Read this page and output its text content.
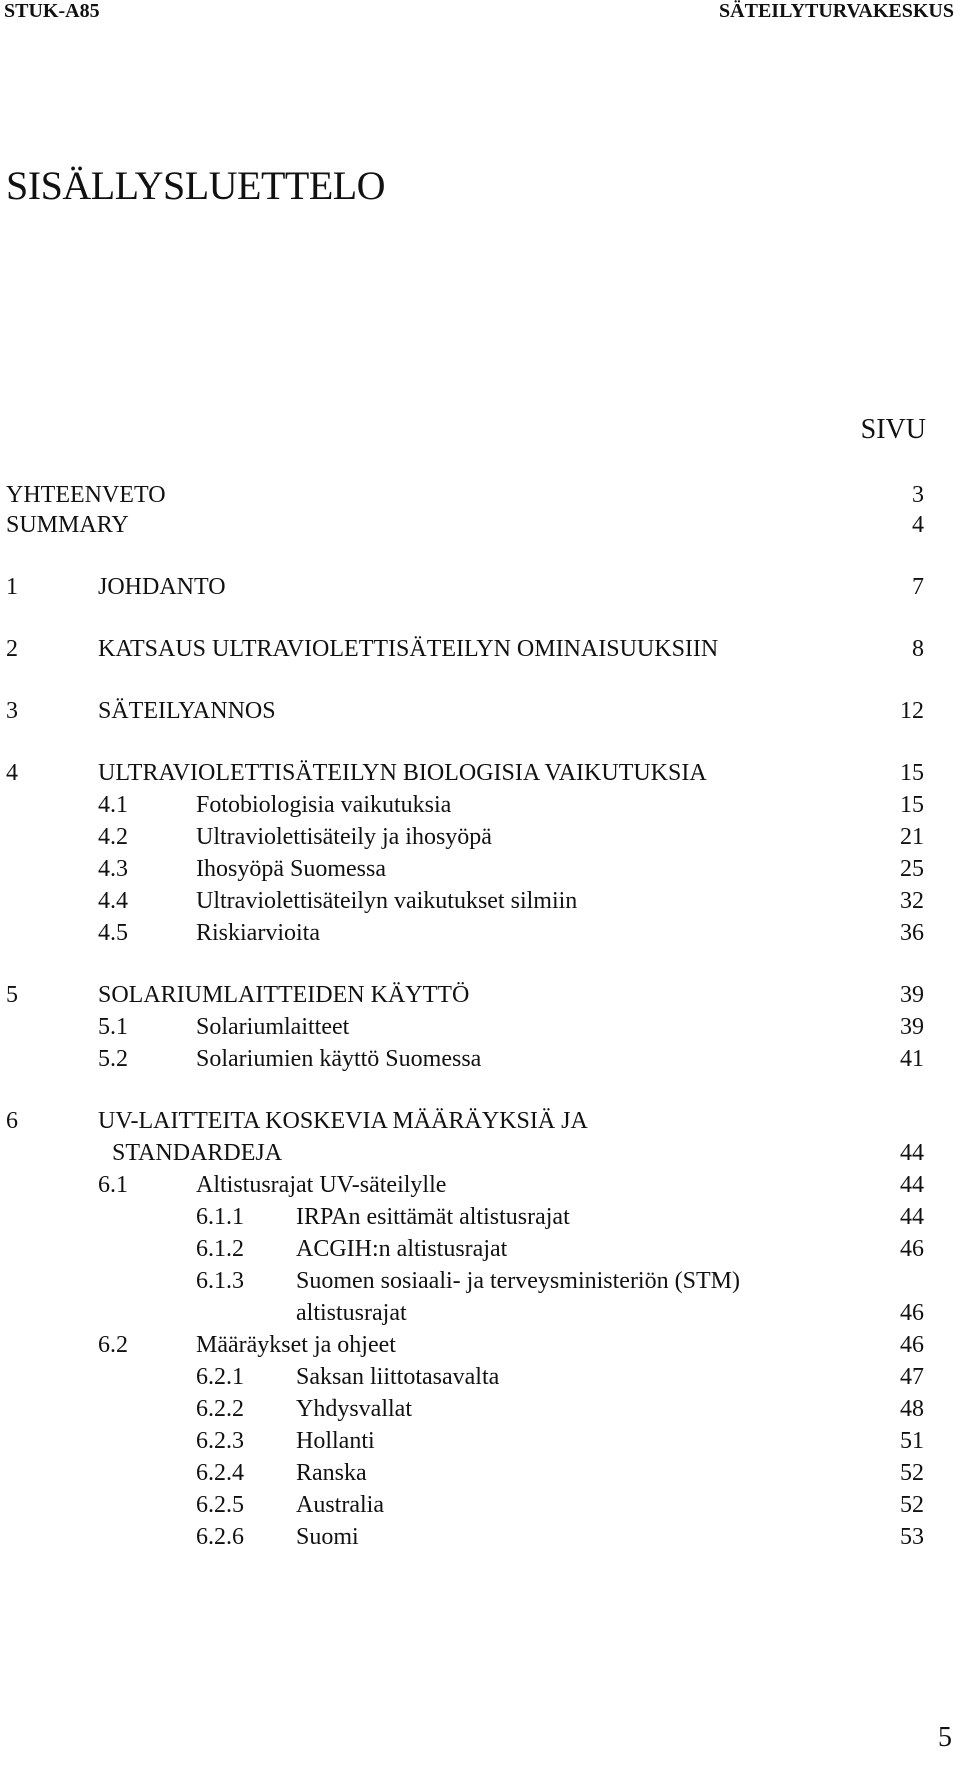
STUK-A85	SÄTEILYTURVAKESKUS
SISÄLLYSLUETTELO
SIVU
YHTEENVETO	3
SUMMARY	4
1	JOHDANTO	7
2	KATSAUS ULTRAVIOLETTISÄTEILYN OMINAISUUKSIIN	8
3	SÄTEILYANNOS	12
4	ULTRAVIOLETTISÄTEILYN BIOLOGISIA VAIKUTUKSIA	15
4.1	Fotobiologisia vaikutuksia	15
4.2	Ultraviolettisäteily ja ihosyöpä	21
4.3	Ihosyöpä Suomessa	25
4.4	Ultraviolettisäteilyn vaikutukset silmiin	32
4.5	Riskiarvioita	36
5	SOLARIUMLAITTEIDEN KÄYTTÖ	39
5.1	Solariumlaitteet	39
5.2	Solariumien käyttö Suomessa	41
6	UV-LAITTEITA KOSKEVIA MÄÄRÄYKSIÄ JA
STANDARDEJA	44
6.1	Altistusrajat UV-säteilylle	44
6.1.1 IRPAn esittämät altistusrajat	44
6.1.2 ACGIH:n altistusrajat	46
6.1.3 Suomen sosiaali- ja terveysministeriön (STM)
altistusrajat	46
6.2	Määräykset ja ohjeet	46
6.2.1 Saksan liittotasavalta	47
6.2.2 Yhdysvallat	48
6.2.3 Hollanti	51
6.2.4 Ranska	52
6.2.5 Australia	52
6.2.6 Suomi	53
5
